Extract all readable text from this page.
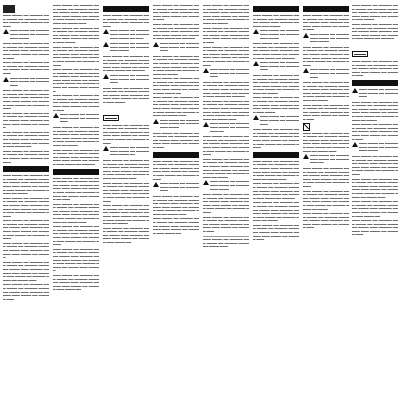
▬▬▬ ▬▬▬▬ ▬▬ ▬▬▬▬▬ ▬▬▬ ▬▬▬▬ ▬▬ ▬▬▬▬▬ ▬▬▬▬ ▬▬ ▬▬▬▬ ▬▬▬ ▬▬▬▬▬ ▬▬ ▬▬▬
▬▬▬ ▬▬▬▬ ▬▬ ▬▬▬▬▬ ▬▬▬ ▬▬▬▬ ▬▬ ▬▬▬▬▬ ▬▬▬ ▬▬▬▬
▬▬▬ ▬▬▬▬ ▬▬ ▬▬▬▬▬ ▬▬▬ ▬▬▬▬ ▬▬ ▬▬▬▬▬ ▬▬▬▬ ▬▬ ▬▬▬▬ ▬▬▬ ▬▬▬▬▬ ▬▬ ▬▬▬ ▬▬▬ ▬▬▬▬ ▬▬ ▬▬▬▬▬ ▬▬▬
▬▬▬ ▬▬▬▬ ▬▬ ▬▬▬▬▬ ▬▬▬ ▬▬▬▬ ▬▬ ▬▬▬▬▬ ▬▬▬▬ ▬▬ ▬▬▬▬ ▬▬▬ ▬▬▬▬▬ ▬▬ ▬▬▬
▬▬▬ ▬▬▬▬ ▬▬ ▬▬▬▬▬ ▬▬▬ ▬▬▬▬ ▬▬ ▬▬▬▬▬ ▬▬▬
▬▬▬ ▬▬▬▬ ▬▬ ▬▬▬▬▬ ▬▬▬ ▬▬▬▬ ▬▬ ▬▬▬▬▬ ▬▬▬▬ ▬▬ ▬▬▬▬ ▬▬▬ ▬▬▬▬▬ ▬▬ ▬▬▬ ▬▬▬ ▬▬▬▬ ▬▬ ▬▬▬▬▬ ▬▬▬ ▬▬▬▬ ▬▬ ▬▬▬▬▬ ▬▬▬▬
▬▬▬ ▬▬▬▬ ▬▬ ▬▬▬▬▬ ▬▬▬ ▬▬▬▬ ▬▬ ▬▬▬▬▬ ▬▬▬▬ ▬▬ ▬▬▬▬ ▬▬▬ ▬▬▬▬▬ ▬▬ ▬▬▬ ▬▬▬ ▬▬▬▬ ▬▬ ▬▬▬▬▬
▬▬▬ ▬▬▬▬ ▬▬ ▬▬▬▬▬ ▬▬▬ ▬▬▬▬ ▬▬ ▬▬▬▬▬ ▬▬▬▬ ▬▬ ▬▬▬▬ ▬▬▬ ▬▬▬▬▬ ▬▬ ▬▬▬ ▬▬▬ ▬▬▬▬ ▬▬ ▬▬▬▬▬ ▬▬▬ ▬▬▬▬ ▬▬
▬▬▬ ▬▬▬▬ ▬▬ ▬▬▬▬▬ ▬▬▬ ▬▬▬▬ ▬▬ ▬▬▬▬▬ ▬▬▬▬ ▬▬ ▬▬▬▬ ▬▬▬ ▬▬▬▬▬ ▬▬ ▬▬▬
▬▬▬ ▬▬▬▬ ▬▬ ▬▬▬▬▬ ▬▬▬ ▬▬▬▬ ▬▬ ▬▬▬▬▬ ▬▬▬▬ ▬▬ ▬▬▬▬ ▬▬▬ ▬▬▬▬▬ ▬▬ ▬▬▬ ▬▬▬ ▬▬▬▬ ▬▬ ▬▬▬▬▬ ▬▬▬ ▬▬▬▬ ▬▬ ▬▬▬▬▬ ▬▬▬▬ ▬▬ ▬▬▬▬
▬▬▬ ▬▬▬▬ ▬▬ ▬▬▬▬▬ ▬▬▬ ▬▬▬▬ ▬▬ ▬▬▬▬▬ ▬▬▬▬ ▬▬ ▬▬▬▬ ▬▬▬ ▬▬▬▬▬ ▬▬ ▬▬▬ ▬▬▬ ▬▬▬▬ ▬▬ ▬▬▬▬▬ ▬▬▬ ▬▬▬▬ ▬▬ ▬▬▬▬▬ ▬▬▬▬
▬▬▬ ▬▬▬▬ ▬▬ ▬▬▬▬▬ ▬▬▬ ▬▬▬▬ ▬▬ ▬▬▬▬▬ ▬▬▬▬ ▬▬ ▬▬▬▬ ▬▬▬ ▬▬▬▬▬ ▬▬ ▬▬▬ ▬▬▬ ▬▬▬▬ ▬▬ ▬▬▬▬▬ ▬▬▬ ▬▬▬▬ ▬▬ ▬▬▬▬▬ ▬▬▬▬
▬▬▬ ▬▬▬▬ ▬▬ ▬▬▬▬▬ ▬▬▬ ▬▬▬▬ ▬▬ ▬▬▬▬▬ ▬▬▬▬ ▬▬ ▬▬▬▬ ▬▬▬ ▬▬▬▬▬ ▬▬ ▬▬▬ ▬▬▬ ▬▬▬▬ ▬▬ ▬▬▬▬▬
▬▬▬ ▬▬▬▬ ▬▬ ▬▬▬▬▬ ▬▬▬ ▬▬▬▬ ▬▬ ▬▬▬▬▬ ▬▬▬▬ ▬▬ ▬▬▬▬ ▬▬▬ ▬▬▬▬▬ ▬▬ ▬▬▬ ▬▬▬ ▬▬▬▬ ▬▬ ▬▬▬▬▬ ▬▬▬ ▬▬▬▬ ▬▬ ▬▬▬▬▬ ▬▬▬▬ ▬▬ ▬▬▬▬ ▬▬▬
▬▬▬ ▬▬▬▬ ▬▬ ▬▬▬▬▬ ▬▬▬ ▬▬▬▬ ▬▬ ▬▬▬▬▬ ▬▬▬▬ ▬▬ ▬▬▬▬ ▬▬▬ ▬▬▬▬▬ ▬▬ ▬▬▬ ▬▬▬ ▬▬▬▬ ▬▬ ▬▬▬▬▬ ▬▬▬
▬▬▬ ▬▬▬▬ ▬▬ ▬▬▬▬▬ ▬▬▬ ▬▬▬▬ ▬▬ ▬▬▬▬▬ ▬▬▬▬ ▬▬ ▬▬▬▬ ▬▬▬ ▬▬▬▬▬ ▬▬ ▬▬▬ ▬▬▬ ▬▬▬▬ ▬▬ ▬▬▬▬▬ ▬▬▬ ▬▬▬▬ ▬▬ ▬▬▬▬▬ ▬▬▬▬ ▬▬ ▬▬▬▬ ▬▬▬
▬▬▬ ▬▬▬▬ ▬▬ ▬▬▬▬▬ ▬▬▬ ▬▬▬▬ ▬▬ ▬▬▬▬▬ ▬▬▬▬ ▬▬ ▬▬▬▬ ▬▬▬ ▬▬▬▬▬ ▬▬ ▬▬▬ ▬▬▬ ▬▬▬▬ ▬▬ ▬▬▬▬▬ ▬▬▬ ▬▬▬▬
▬▬▬ ▬▬▬▬ ▬▬ ▬▬▬▬▬ ▬▬▬ ▬▬▬▬ ▬▬ ▬▬▬▬▬ ▬▬▬▬ ▬▬ ▬▬▬▬ ▬▬▬ ▬▬▬▬▬ ▬▬ ▬▬▬ ▬▬▬ ▬▬▬▬ ▬▬ ▬▬▬▬▬ ▬▬▬ ▬▬▬▬ ▬▬ ▬▬▬▬▬ ▬▬▬▬
▬▬▬ ▬▬▬▬ ▬▬ ▬▬▬▬▬ ▬▬▬ ▬▬▬▬ ▬▬ ▬▬▬▬▬ ▬▬▬▬ ▬▬ ▬▬▬▬ ▬▬▬ ▬▬▬▬▬ ▬▬ ▬▬▬ ▬▬▬ ▬▬▬▬ ▬▬ ▬▬▬▬▬ ▬▬▬ ▬▬▬▬ ▬▬ ▬▬▬▬▬ ▬▬▬▬ ▬▬ ▬▬▬▬ ▬▬▬ ▬▬▬▬▬
▬▬▬ ▬▬▬▬ ▬▬ ▬▬▬▬▬ ▬▬▬ ▬▬▬▬ ▬▬ ▬▬▬▬▬ ▬▬▬▬ ▬▬ ▬▬▬▬ ▬▬▬ ▬▬▬▬▬ ▬▬ ▬▬▬ ▬▬▬ ▬▬▬▬ ▬▬ ▬▬▬▬▬ ▬▬▬
▬▬▬ ▬▬▬▬ ▬▬ ▬▬▬▬▬ ▬▬▬ ▬▬▬▬ ▬▬ ▬▬▬▬▬ ▬▬▬
▬▬▬ ▬▬▬▬ ▬▬ ▬▬▬▬▬ ▬▬▬ ▬▬▬▬ ▬▬ ▬▬▬▬▬ ▬▬▬▬ ▬▬ ▬▬▬▬ ▬▬▬ ▬▬▬▬▬ ▬▬ ▬▬▬ ▬▬▬ ▬▬▬▬ ▬▬ ▬▬▬▬▬ ▬▬▬ ▬▬▬▬ ▬▬ ▬▬▬▬▬ ▬▬▬▬ ▬▬ ▬▬▬▬
▬▬▬ ▬▬▬▬ ▬▬ ▬▬▬▬▬ ▬▬▬ ▬▬▬▬ ▬▬ ▬▬▬▬▬ ▬▬▬▬ ▬▬ ▬▬▬▬ ▬▬▬ ▬▬▬▬▬ ▬▬ ▬▬▬ ▬▬▬ ▬▬▬▬ ▬▬ ▬▬▬▬▬ ▬▬▬ ▬▬▬▬ ▬▬ ▬▬▬▬▬
▬▬▬ ▬▬▬▬ ▬▬ ▬▬▬▬▬ ▬▬▬ ▬▬▬▬ ▬▬ ▬▬▬▬▬ ▬▬▬▬ ▬▬ ▬▬▬▬ ▬▬▬ ▬▬▬▬▬ ▬▬ ▬▬▬ ▬▬▬ ▬▬▬▬ ▬▬ ▬▬▬▬▬ ▬▬▬ ▬▬▬▬ ▬▬ ▬▬▬▬▬ ▬▬▬▬ ▬▬ ▬▬▬▬ ▬▬▬ ▬▬▬▬▬ ▬▬ ▬▬▬
▬▬▬ ▬▬▬▬ ▬▬ ▬▬▬▬▬ ▬▬▬ ▬▬▬▬ ▬▬ ▬▬▬▬▬ ▬▬▬▬ ▬▬ ▬▬▬▬ ▬▬▬ ▬▬▬▬▬ ▬▬ ▬▬▬ ▬▬▬ ▬▬▬▬ ▬▬ ▬▬▬▬▬ ▬▬▬ ▬▬▬▬ ▬▬ ▬▬▬▬▬ ▬▬▬▬ ▬▬ ▬▬▬▬ ▬▬▬
▬▬▬ ▬▬▬▬ ▬▬ ▬▬▬▬▬ ▬▬▬ ▬▬▬▬ ▬▬ ▬▬▬▬▬ ▬▬▬▬ ▬▬ ▬▬▬▬ ▬▬▬ ▬▬▬▬▬ ▬▬ ▬▬▬ ▬▬▬ ▬▬▬▬ ▬▬ ▬▬▬▬▬ ▬▬▬ ▬▬▬▬ ▬▬ ▬▬▬▬▬ ▬▬▬▬
▬▬▬ ▬▬▬▬ ▬▬ ▬▬▬▬▬ ▬▬▬ ▬▬▬▬ ▬▬ ▬▬▬▬▬ ▬▬▬▬ ▬▬ ▬▬▬▬ ▬▬▬ ▬▬▬▬▬ ▬▬ ▬▬▬ ▬▬▬ ▬▬▬▬ ▬▬ ▬▬▬▬▬ ▬▬▬ ▬▬▬▬ ▬▬ ▬▬▬▬▬ ▬▬▬▬ ▬▬ ▬▬▬▬ ▬▬▬ ▬▬▬▬▬
▬▬▬ ▬▬▬▬ ▬▬ ▬▬▬▬▬ ▬▬▬ ▬▬▬▬ ▬▬ ▬▬▬▬▬ ▬▬▬▬ ▬▬ ▬▬▬▬ ▬▬▬ ▬▬▬▬▬ ▬▬ ▬▬▬ ▬▬▬ ▬▬▬▬ ▬▬ ▬▬▬▬▬ ▬▬▬ ▬▬▬▬ ▬▬
▬▬▬ ▬▬▬▬ ▬▬ ▬▬▬▬▬ ▬▬▬ ▬▬▬▬ ▬▬ ▬▬▬▬▬ ▬▬▬▬ ▬▬ ▬▬▬▬ ▬▬▬ ▬▬▬▬▬ ▬▬ ▬▬▬
▬▬▬ ▬▬▬▬ ▬▬ ▬▬▬▬▬ ▬▬▬ ▬▬▬▬ ▬▬ ▬▬▬▬▬ ▬▬▬ ▬▬▬▬ ▬▬ ▬▬▬
▬▬▬ ▬▬▬▬ ▬▬ ▬▬▬▬▬ ▬▬▬ ▬▬▬▬ ▬▬ ▬▬▬▬▬ ▬▬▬ ▬▬▬▬
▬▬▬ ▬▬▬▬ ▬▬ ▬▬▬▬▬ ▬▬▬ ▬▬▬▬ ▬▬ ▬▬▬▬▬ ▬▬▬▬ ▬▬ ▬▬▬▬ ▬▬▬ ▬▬▬▬▬ ▬▬ ▬▬▬ ▬▬▬ ▬▬▬▬ ▬▬ ▬▬▬▬▬ ▬▬▬ ▬▬▬▬ ▬▬ ▬▬▬▬▬
▬▬▬ ▬▬▬▬ ▬▬ ▬▬▬▬▬ ▬▬▬ ▬▬▬▬ ▬▬ ▬▬▬▬▬ ▬▬▬
▬▬▬ ▬▬▬▬ ▬▬ ▬▬▬▬▬ ▬▬▬ ▬▬▬▬ ▬▬ ▬▬▬▬▬ ▬▬▬▬ ▬▬ ▬▬▬▬ ▬▬▬ ▬▬▬▬▬ ▬▬ ▬▬▬ ▬▬▬ ▬▬▬▬ ▬▬ ▬▬▬▬▬ ▬▬▬ ▬▬▬▬
▬▬▬▬
▬▬▬ ▬▬▬▬ ▬▬ ▬▬▬▬▬ ▬▬▬ ▬▬▬▬ ▬▬ ▬▬▬▬▬ ▬▬▬▬ ▬▬ ▬▬▬▬ ▬▬▬ ▬▬▬▬▬ ▬▬ ▬▬▬ ▬▬▬ ▬▬▬▬ ▬▬ ▬▬▬▬▬ ▬▬▬ ▬▬▬▬ ▬▬ ▬▬▬▬▬ ▬▬▬▬
▬▬▬ ▬▬▬▬ ▬▬ ▬▬▬▬▬ ▬▬▬ ▬▬▬▬ ▬▬ ▬▬▬▬▬ ▬▬▬ ▬▬▬▬ ▬▬
▬▬▬ ▬▬▬▬ ▬▬ ▬▬▬▬▬ ▬▬▬ ▬▬▬▬ ▬▬ ▬▬▬▬▬ ▬▬▬▬ ▬▬ ▬▬▬▬ ▬▬▬ ▬▬▬▬▬ ▬▬ ▬▬▬ ▬▬▬ ▬▬▬▬ ▬▬ ▬▬▬▬▬ ▬▬▬ ▬▬▬▬ ▬▬ ▬▬▬▬▬ ▬▬▬▬ ▬▬ ▬▬▬▬ ▬▬▬
▬▬▬ ▬▬▬▬ ▬▬ ▬▬▬▬▬ ▬▬▬ ▬▬▬▬ ▬▬ ▬▬▬▬▬ ▬▬▬▬ ▬▬ ▬▬▬▬ ▬▬▬ ▬▬▬▬▬ ▬▬ ▬▬▬ ▬▬▬ ▬▬▬▬ ▬▬ ▬▬▬▬▬ ▬▬▬ ▬▬▬▬ ▬▬ ▬▬▬▬▬ ▬▬▬▬
▬▬▬ ▬▬▬▬ ▬▬ ▬▬▬▬▬ ▬▬▬ ▬▬▬▬ ▬▬ ▬▬▬▬▬ ▬▬▬▬ ▬▬ ▬▬▬▬ ▬▬▬ ▬▬▬▬▬ ▬▬ ▬▬▬ ▬▬▬ ▬▬▬▬ ▬▬ ▬▬▬▬▬ ▬▬▬ ▬▬▬▬ ▬▬ ▬▬▬▬▬ ▬▬▬▬ ▬▬ ▬▬▬▬
▬▬▬ ▬▬▬▬ ▬▬ ▬▬▬▬▬ ▬▬▬ ▬▬▬▬ ▬▬ ▬▬▬▬▬ ▬▬▬▬ ▬▬ ▬▬▬▬ ▬▬▬ ▬▬▬▬▬ ▬▬ ▬▬▬ ▬▬▬ ▬▬▬▬ ▬▬ ▬▬▬▬▬ ▬▬▬ ▬▬▬▬ ▬▬
▬▬▬ ▬▬▬▬ ▬▬ ▬▬▬▬▬ ▬▬▬ ▬▬▬▬ ▬▬ ▬▬▬▬▬ ▬▬▬▬ ▬▬ ▬▬▬▬ ▬▬▬ ▬▬▬▬▬ ▬▬ ▬▬▬ ▬▬▬ ▬▬▬▬ ▬▬ ▬▬▬▬▬ ▬▬▬
▬▬▬ ▬▬▬▬ ▬▬ ▬▬▬▬▬ ▬▬▬ ▬▬▬▬ ▬▬ ▬▬▬▬▬ ▬▬▬▬ ▬▬ ▬▬▬▬ ▬▬▬ ▬▬▬▬▬ ▬▬ ▬▬▬ ▬▬▬ ▬▬▬▬ ▬▬ ▬▬▬▬▬ ▬▬▬ ▬▬▬▬ ▬▬ ▬▬▬▬▬
▬▬▬ ▬▬▬▬ ▬▬ ▬▬▬▬▬ ▬▬▬ ▬▬▬▬ ▬▬ ▬▬▬▬▬ ▬▬▬
▬▬▬ ▬▬▬▬ ▬▬ ▬▬▬▬▬ ▬▬▬ ▬▬▬▬ ▬▬ ▬▬▬▬▬ ▬▬▬▬ ▬▬ ▬▬▬▬ ▬▬▬ ▬▬▬▬▬ ▬▬ ▬▬▬ ▬▬▬ ▬▬▬▬ ▬▬ ▬▬▬▬▬ ▬▬▬ ▬▬▬▬ ▬▬ ▬▬▬▬▬ ▬▬▬▬ ▬▬ ▬▬▬▬
▬▬▬ ▬▬▬▬ ▬▬ ▬▬▬▬▬ ▬▬▬ ▬▬▬▬ ▬▬ ▬▬▬▬▬ ▬▬▬▬ ▬▬ ▬▬▬▬ ▬▬▬ ▬▬▬▬▬ ▬▬ ▬▬▬ ▬▬▬ ▬▬▬▬ ▬▬ ▬▬▬▬▬ ▬▬▬ ▬▬▬▬ ▬▬
▬▬▬ ▬▬▬▬ ▬▬ ▬▬▬▬▬ ▬▬▬ ▬▬▬▬ ▬▬ ▬▬▬▬▬ ▬▬▬▬ ▬▬ ▬▬▬▬ ▬▬▬ ▬▬▬▬▬ ▬▬ ▬▬▬ ▬▬▬ ▬▬▬▬ ▬▬ ▬▬▬▬▬ ▬▬▬ ▬▬▬▬ ▬▬ ▬▬▬▬▬ ▬▬▬▬ ▬▬ ▬▬▬▬ ▬▬▬
▬▬▬ ▬▬▬▬ ▬▬ ▬▬▬▬▬ ▬▬▬ ▬▬▬▬ ▬▬ ▬▬▬▬▬ ▬▬▬ ▬▬▬▬
▬▬▬ ▬▬▬▬ ▬▬ ▬▬▬▬▬ ▬▬▬ ▬▬▬▬ ▬▬ ▬▬▬▬▬ ▬▬▬▬ ▬▬ ▬▬▬▬ ▬▬▬ ▬▬▬▬▬ ▬▬ ▬▬▬ ▬▬▬ ▬▬▬▬ ▬▬ ▬▬▬▬▬ ▬▬▬
▬▬▬ ▬▬▬▬ ▬▬ ▬▬▬▬▬ ▬▬▬ ▬▬▬▬ ▬▬ ▬▬▬▬▬ ▬▬▬▬ ▬▬ ▬▬▬▬ ▬▬▬ ▬▬▬▬▬ ▬▬ ▬▬▬ ▬▬▬ ▬▬▬▬ ▬▬ ▬▬▬▬▬ ▬▬▬ ▬▬▬▬ ▬▬ ▬▬▬▬▬ ▬▬▬▬
▬▬▬ ▬▬▬▬ ▬▬ ▬▬▬▬▬ ▬▬▬ ▬▬▬▬ ▬▬ ▬▬▬▬▬ ▬▬▬
▬▬▬ ▬▬▬▬ ▬▬ ▬▬▬▬▬ ▬▬▬ ▬▬▬▬ ▬▬ ▬▬▬▬▬ ▬▬▬▬ ▬▬ ▬▬▬▬ ▬▬▬ ▬▬▬▬▬ ▬▬ ▬▬▬ ▬▬▬ ▬▬▬▬ ▬▬ ▬▬▬▬▬ ▬▬▬ ▬▬▬▬ ▬▬ ▬▬▬▬▬ ▬▬▬▬ ▬▬ ▬▬▬▬ ▬▬▬
▬▬▬ ▬▬▬▬ ▬▬ ▬▬▬▬▬ ▬▬▬ ▬▬▬▬ ▬▬ ▬▬▬▬▬ ▬▬▬▬ ▬▬ ▬▬▬▬ ▬▬▬ ▬▬▬▬▬ ▬▬ ▬▬▬ ▬▬▬ ▬▬▬▬ ▬▬ ▬▬▬▬▬ ▬▬▬ ▬▬▬▬ ▬▬
▬▬▬ ▬▬▬▬ ▬▬ ▬▬▬▬▬ ▬▬▬ ▬▬▬▬ ▬▬ ▬▬▬▬▬ ▬▬▬▬ ▬▬ ▬▬▬▬ ▬▬▬ ▬▬▬▬▬ ▬▬ ▬▬▬ ▬▬▬ ▬▬▬▬ ▬▬ ▬▬▬▬▬ ▬▬▬ ▬▬▬▬ ▬▬ ▬▬▬▬▬ ▬▬▬▬ ▬▬ ▬▬▬▬
▬▬▬ ▬▬▬▬ ▬▬ ▬▬▬▬▬ ▬▬▬ ▬▬▬▬ ▬▬ ▬▬▬▬▬ ▬▬▬▬ ▬▬ ▬▬▬▬ ▬▬▬ ▬▬▬▬▬ ▬▬ ▬▬▬ ▬▬▬ ▬▬▬▬ ▬▬ ▬▬▬▬▬ ▬▬▬
▬▬▬ ▬▬▬▬ ▬▬ ▬▬▬▬▬ ▬▬▬ ▬▬▬▬ ▬▬ ▬▬▬▬▬ ▬▬▬▬ ▬▬ ▬▬▬▬ ▬▬▬ ▬▬▬▬▬ ▬▬ ▬▬▬ ▬▬▬ ▬▬▬▬ ▬▬ ▬▬▬▬▬ ▬▬▬ ▬▬▬▬ ▬▬ ▬▬▬▬▬ ▬▬▬▬
▬▬▬ ▬▬▬▬ ▬▬ ▬▬▬▬▬ ▬▬▬ ▬▬▬▬ ▬▬ ▬▬▬▬▬ ▬▬▬
▬▬▬ ▬▬▬▬ ▬▬ ▬▬▬▬▬ ▬▬▬ ▬▬▬▬ ▬▬ ▬▬▬▬▬ ▬▬▬▬ ▬▬ ▬▬▬▬ ▬▬▬ ▬▬▬▬▬ ▬▬ ▬▬▬ ▬▬▬ ▬▬▬▬ ▬▬ ▬▬▬▬▬ ▬▬▬ ▬▬▬▬ ▬▬ ▬▬▬▬▬
▬▬▬ ▬▬▬▬ ▬▬ ▬▬▬▬▬ ▬▬▬ ▬▬▬▬ ▬▬ ▬▬▬▬▬ ▬▬▬▬ ▬▬ ▬▬▬▬ ▬▬▬ ▬▬▬▬▬ ▬▬ ▬▬▬ ▬▬▬ ▬▬▬▬ ▬▬ ▬▬▬▬▬ ▬▬▬ ▬▬▬▬ ▬▬ ▬▬▬▬▬ ▬▬▬▬ ▬▬ ▬▬▬▬ ▬▬▬
▬▬▬ ▬▬▬▬ ▬▬ ▬▬▬▬▬ ▬▬▬ ▬▬▬▬ ▬▬ ▬▬▬▬▬ ▬▬▬ ▬▬
▬▬▬ ▬▬▬▬ ▬▬ ▬▬▬▬▬ ▬▬▬ ▬▬▬▬ ▬▬ ▬▬▬▬▬ ▬▬▬▬ ▬▬ ▬▬▬▬ ▬▬▬ ▬▬▬▬▬ ▬▬ ▬▬▬ ▬▬▬ ▬▬▬▬ ▬▬ ▬▬▬▬▬ ▬▬▬ ▬▬▬▬ ▬▬ ▬▬▬▬▬ ▬▬▬▬
▬▬▬ ▬▬▬▬ ▬▬ ▬▬▬▬▬ ▬▬▬ ▬▬▬▬ ▬▬ ▬▬▬▬▬ ▬▬▬▬ ▬▬ ▬▬▬▬ ▬▬▬ ▬▬▬▬▬ ▬▬ ▬▬▬ ▬▬▬ ▬▬▬▬ ▬▬ ▬▬▬▬▬ ▬▬▬ ▬▬▬▬ ▬▬ ▬▬▬▬▬ ▬▬▬▬ ▬▬ ▬▬▬▬
▬▬▬ ▬▬▬▬ ▬▬ ▬▬▬▬▬ ▬▬▬ ▬▬▬▬ ▬▬ ▬▬▬▬▬ ▬▬▬ ▬▬▬▬
▬▬▬ ▬▬▬▬ ▬▬ ▬▬▬▬▬ ▬▬▬ ▬▬▬▬ ▬▬ ▬▬▬▬▬ ▬▬▬▬ ▬▬ ▬▬▬▬ ▬▬▬ ▬▬▬▬▬ ▬▬ ▬▬▬ ▬▬▬ ▬▬▬▬ ▬▬ ▬▬▬▬▬ ▬▬▬ ▬▬▬▬ ▬▬ ▬▬▬▬▬ ▬▬▬▬
▬▬▬ ▬▬▬▬ ▬▬ ▬▬▬▬▬ ▬▬▬ ▬▬▬▬ ▬▬ ▬▬▬▬▬ ▬▬▬▬ ▬▬ ▬▬▬▬ ▬▬▬ ▬▬▬▬▬ ▬▬ ▬▬▬ ▬▬▬ ▬▬▬▬ ▬▬ ▬▬▬▬▬ ▬▬▬
▬▬▬ ▬▬▬▬ ▬▬ ▬▬▬▬▬ ▬▬▬ ▬▬▬▬ ▬▬ ▬▬▬▬▬ ▬▬▬▬ ▬▬ ▬▬▬▬ ▬▬▬
▬▬▬ ▬▬▬▬ ▬▬ ▬▬▬▬▬ ▬▬▬ ▬▬▬▬ ▬▬ ▬▬▬▬▬ ▬▬▬▬ ▬▬ ▬▬▬▬ ▬▬▬ ▬▬▬▬▬ ▬▬ ▬▬▬ ▬▬▬ ▬▬▬▬
▬▬▬ ▬▬▬▬ ▬▬ ▬▬▬▬▬ ▬▬▬ ▬▬▬▬ ▬▬ ▬▬▬▬▬ ▬▬▬ ▬▬▬▬
▬▬▬ ▬▬▬▬ ▬▬ ▬▬▬▬▬ ▬▬▬ ▬▬▬▬ ▬▬ ▬▬▬▬▬ ▬▬▬▬ ▬▬ ▬▬▬▬ ▬▬▬ ▬▬▬▬▬ ▬▬ ▬▬▬ ▬▬▬ ▬▬▬▬ ▬▬ ▬▬▬▬▬ ▬▬▬ ▬▬▬▬ ▬▬ ▬▬▬▬▬
▬▬▬ ▬▬▬▬ ▬▬ ▬▬▬▬▬ ▬▬▬ ▬▬▬▬ ▬▬ ▬▬▬▬▬ ▬▬▬
▬▬▬ ▬▬▬▬ ▬▬ ▬▬▬▬▬ ▬▬▬ ▬▬▬▬ ▬▬ ▬▬▬▬▬ ▬▬▬▬ ▬▬ ▬▬▬▬ ▬▬▬ ▬▬▬▬▬ ▬▬ ▬▬▬ ▬▬▬ ▬▬▬▬ ▬▬ ▬▬▬▬▬ ▬▬▬ ▬▬▬▬ ▬▬ ▬▬▬▬▬ ▬▬▬▬ ▬▬ ▬▬▬▬
▬▬▬ ▬▬▬▬ ▬▬ ▬▬▬▬▬ ▬▬▬ ▬▬▬▬ ▬▬ ▬▬▬▬▬ ▬▬▬▬ ▬▬ ▬▬▬▬ ▬▬▬ ▬▬▬▬▬ ▬▬ ▬▬▬ ▬▬▬ ▬▬▬▬ ▬▬ ▬▬▬▬▬ ▬▬▬ ▬▬▬▬
▬▬▬ ▬▬▬▬ ▬▬ ▬▬▬▬▬ ▬▬▬ ▬▬▬▬ ▬▬ ▬▬▬▬▬ ▬▬▬
▬▬▬ ▬▬▬▬ ▬▬ ▬▬▬▬▬ ▬▬▬ ▬▬▬▬ ▬▬ ▬▬▬▬▬ ▬▬▬▬ ▬▬ ▬▬▬▬ ▬▬▬ ▬▬▬▬▬ ▬▬ ▬▬▬ ▬▬▬ ▬▬▬▬ ▬▬ ▬▬▬▬▬ ▬▬▬ ▬▬▬▬ ▬▬ ▬▬▬▬▬ ▬▬▬▬
▬▬▬ ▬▬▬▬ ▬▬ ▬▬▬▬▬ ▬▬▬ ▬▬▬▬ ▬▬ ▬▬▬▬▬ ▬▬▬▬ ▬▬ ▬▬▬▬ ▬▬▬ ▬▬▬▬▬ ▬▬ ▬▬▬ ▬▬▬ ▬▬▬▬ ▬▬ ▬▬▬▬▬ ▬▬▬ ▬▬▬▬ ▬▬ ▬▬▬▬▬ ▬▬▬▬ ▬▬ ▬▬▬▬ ▬▬▬
▬▬▬ ▬▬▬▬ ▬▬ ▬▬▬▬▬ ▬▬▬ ▬▬▬▬ ▬▬ ▬▬▬▬▬ ▬▬▬▬ ▬▬ ▬▬▬▬ ▬▬▬ ▬▬▬▬▬ ▬▬ ▬▬▬ ▬▬▬ ▬▬▬▬ ▬▬ ▬▬▬▬▬ ▬▬▬ ▬▬▬▬ ▬▬ ▬▬▬▬▬
▬▬▬ ▬▬▬▬ ▬▬ ▬▬▬▬▬ ▬▬▬ ▬▬▬▬ ▬▬ ▬▬▬▬▬ ▬▬▬▬ ▬▬ ▬▬▬▬ ▬▬▬ ▬▬▬▬▬ ▬▬ ▬▬▬ ▬▬▬ ▬▬▬▬ ▬▬ ▬▬▬▬▬ ▬▬▬ ▬▬▬▬ ▬▬ ▬▬▬▬▬ ▬▬▬▬ ▬▬ ▬▬▬▬
▬▬▬ ▬▬▬▬ ▬▬ ▬▬▬▬▬ ▬▬▬ ▬▬▬▬ ▬▬ ▬▬▬▬▬ ▬▬▬▬ ▬▬ ▬▬▬▬ ▬▬▬ ▬▬▬▬▬ ▬▬ ▬▬▬ ▬▬▬ ▬▬▬▬ ▬▬ ▬▬▬▬▬ ▬▬▬
▬▬▬ ▬▬▬▬ ▬▬ ▬▬▬▬▬ ▬▬▬ ▬▬▬▬ ▬▬ ▬▬▬▬▬ ▬▬▬▬ ▬▬ ▬▬▬▬ ▬▬▬ ▬▬▬▬▬ ▬▬ ▬▬▬ ▬▬▬ ▬▬▬▬ ▬▬ ▬▬▬▬▬ ▬▬▬
▬▬▬ ▬▬▬▬ ▬▬ ▬▬▬▬▬ ▬▬▬ ▬▬▬▬ ▬▬ ▬▬▬▬▬ ▬▬▬ ▬▬▬▬
▬▬▬ ▬▬▬▬ ▬▬ ▬▬▬▬▬ ▬▬▬ ▬▬▬▬ ▬▬ ▬▬▬▬▬ ▬▬▬▬ ▬▬ ▬▬▬▬ ▬▬▬ ▬▬▬▬▬ ▬▬ ▬▬▬ ▬▬▬ ▬▬▬▬ ▬▬ ▬▬▬▬▬ ▬▬▬ ▬▬▬▬ ▬▬ ▬▬▬▬▬ ▬▬▬▬
▬▬▬ ▬▬▬▬ ▬▬ ▬▬▬▬▬ ▬▬▬ ▬▬▬▬ ▬▬ ▬▬▬▬▬ ▬▬▬
▬▬▬ ▬▬▬▬ ▬▬ ▬▬▬▬▬ ▬▬▬ ▬▬▬▬ ▬▬ ▬▬▬▬▬ ▬▬▬▬ ▬▬ ▬▬▬▬ ▬▬▬ ▬▬▬▬▬ ▬▬ ▬▬▬ ▬▬▬ ▬▬▬▬ ▬▬ ▬▬▬▬▬ ▬▬▬ ▬▬▬▬ ▬▬ ▬▬▬▬▬ ▬▬▬▬ ▬▬ ▬▬▬▬
▬▬▬ ▬▬▬▬ ▬▬ ▬▬▬▬▬ ▬▬▬ ▬▬▬▬ ▬▬ ▬▬▬▬▬ ▬▬▬▬ ▬▬ ▬▬▬▬ ▬▬▬ ▬▬▬▬▬ ▬▬ ▬▬▬ ▬▬▬ ▬▬▬▬ ▬▬ ▬▬▬▬▬ ▬▬▬
▬▬▬ ▬▬▬▬ ▬▬ ▬▬▬▬▬ ▬▬▬ ▬▬▬▬ ▬▬ ▬▬▬▬▬ ▬▬▬▬ ▬▬ ▬▬▬▬ ▬▬▬ ▬▬▬▬▬ ▬▬ ▬▬▬ ▬▬▬ ▬▬▬▬ ▬▬ ▬▬▬▬▬ ▬▬▬ ▬▬▬▬ ▬▬ ▬▬▬▬▬ ▬▬▬▬ ▬▬ ▬▬▬▬ ▬▬▬
▬▬▬ ▬▬▬▬ ▬▬ ▬▬▬▬▬ ▬▬▬ ▬▬▬▬ ▬▬ ▬▬▬▬▬ ▬▬▬ ▬▬
▬▬▬ ▬▬▬▬ ▬▬ ▬▬▬▬▬ ▬▬▬ ▬▬▬▬ ▬▬ ▬▬▬▬▬ ▬▬▬▬ ▬▬ ▬▬▬▬ ▬▬▬ ▬▬▬▬▬ ▬▬ ▬▬▬ ▬▬▬ ▬▬▬▬ ▬▬ ▬▬▬▬▬ ▬▬▬ ▬▬▬▬ ▬▬ ▬▬▬▬▬ ▬▬▬▬
▬▬▬ ▬▬▬▬ ▬▬ ▬▬▬▬▬ ▬▬▬ ▬▬▬▬ ▬▬ ▬▬▬▬▬ ▬▬▬▬ ▬▬ ▬▬▬▬ ▬▬▬ ▬▬▬▬▬ ▬▬ ▬▬▬ ▬▬▬ ▬▬▬▬ ▬▬ ▬▬▬▬▬ ▬▬▬ ▬▬▬▬ ▬▬ ▬▬▬▬▬ ▬▬▬▬ ▬▬ ▬▬▬▬
▬▬▬ ▬▬▬▬ ▬▬ ▬▬▬▬▬ ▬▬▬ ▬▬▬▬ ▬▬ ▬▬▬▬▬ ▬▬▬▬ ▬▬ ▬▬▬▬ ▬▬▬ ▬▬▬▬▬ ▬▬ ▬▬▬ ▬▬▬ ▬▬▬▬ ▬▬ ▬▬▬▬▬ ▬▬▬
▬▬▬ ▬▬▬▬ ▬▬ ▬▬▬▬▬ ▬▬▬ ▬▬▬▬ ▬▬ ▬▬▬▬▬ ▬▬▬▬ ▬▬ ▬▬▬▬ ▬▬▬ ▬▬▬▬▬ ▬▬ ▬▬▬ ▬▬▬ ▬▬▬▬ ▬▬ ▬▬▬▬▬ ▬▬▬ ▬▬▬▬
▬▬▬ ▬▬▬▬ ▬▬ ▬▬▬▬▬ ▬▬▬ ▬▬▬▬ ▬▬ ▬▬▬▬▬ ▬▬▬▬ ▬▬ ▬▬▬▬ ▬▬▬ ▬▬▬▬▬ ▬▬ ▬▬▬ ▬▬▬ ▬▬▬▬ ▬▬ ▬▬▬▬▬ ▬▬▬ ▬▬▬▬ ▬▬ ▬▬▬▬▬
▬▬▬▬
▬▬▬ ▬▬▬▬ ▬▬ ▬▬▬▬▬ ▬▬▬ ▬▬▬▬ ▬▬ ▬▬▬▬▬ ▬▬▬▬ ▬▬ ▬▬▬▬ ▬▬▬ ▬▬▬▬▬ ▬▬ ▬▬▬ ▬▬▬ ▬▬▬▬ ▬▬ ▬▬▬▬▬ ▬▬▬
▬▬▬ ▬▬▬▬ ▬▬ ▬▬▬▬▬ ▬▬▬ ▬▬▬▬ ▬▬ ▬▬▬▬▬ ▬▬▬
▬▬▬ ▬▬▬▬ ▬▬ ▬▬▬▬▬ ▬▬▬ ▬▬▬▬ ▬▬ ▬▬▬▬▬ ▬▬▬▬ ▬▬ ▬▬▬▬ ▬▬▬ ▬▬▬▬▬ ▬▬ ▬▬▬ ▬▬▬ ▬▬▬▬ ▬▬ ▬▬▬▬▬ ▬▬▬ ▬▬▬▬ ▬▬ ▬▬▬▬▬ ▬▬▬▬ ▬▬ ▬▬▬▬
▬▬▬ ▬▬▬▬ ▬▬ ▬▬▬▬▬ ▬▬▬ ▬▬▬▬ ▬▬ ▬▬▬▬▬ ▬▬▬▬ ▬▬ ▬▬▬▬ ▬▬▬ ▬▬▬▬▬ ▬▬ ▬▬▬ ▬▬▬ ▬▬▬▬ ▬▬ ▬▬▬▬▬ ▬▬▬
▬▬▬ ▬▬▬▬ ▬▬ ▬▬▬▬▬ ▬▬▬ ▬▬▬▬ ▬▬ ▬▬▬▬▬ ▬▬▬ ▬▬▬▬
▬▬▬ ▬▬▬▬ ▬▬ ▬▬▬▬▬ ▬▬▬ ▬▬▬▬ ▬▬ ▬▬▬▬▬ ▬▬▬▬ ▬▬ ▬▬▬▬ ▬▬▬ ▬▬▬▬▬ ▬▬ ▬▬▬ ▬▬▬ ▬▬▬▬ ▬▬ ▬▬▬▬▬ ▬▬▬ ▬▬▬▬ ▬▬ ▬▬▬▬▬ ▬▬▬▬
▬▬▬ ▬▬▬▬ ▬▬ ▬▬▬▬▬ ▬▬▬ ▬▬▬▬ ▬▬ ▬▬▬▬▬ ▬▬▬▬ ▬▬ ▬▬▬▬ ▬▬▬ ▬▬▬▬▬ ▬▬ ▬▬▬ ▬▬▬ ▬▬▬▬ ▬▬ ▬▬▬▬▬ ▬▬▬ ▬▬▬▬ ▬▬ ▬▬▬▬▬ ▬▬▬▬ ▬▬ ▬▬▬▬ ▬▬▬
▬▬▬ ▬▬▬▬ ▬▬ ▬▬▬▬▬ ▬▬▬ ▬▬▬▬ ▬▬ ▬▬▬▬▬ ▬▬▬▬ ▬▬ ▬▬▬▬ ▬▬▬ ▬▬▬▬▬ ▬▬ ▬▬▬ ▬▬▬ ▬▬▬▬ ▬▬ ▬▬▬▬▬ ▬▬▬ ▬▬▬▬ ▬▬
▬▬▬ ▬▬▬▬ ▬▬ ▬▬▬▬▬ ▬▬▬ ▬▬▬▬ ▬▬ ▬▬▬▬▬ ▬▬▬▬ ▬▬ ▬▬▬▬ ▬▬▬ ▬▬▬▬▬ ▬▬ ▬▬▬ ▬▬▬ ▬▬▬▬ ▬▬ ▬▬▬▬▬ ▬▬▬
